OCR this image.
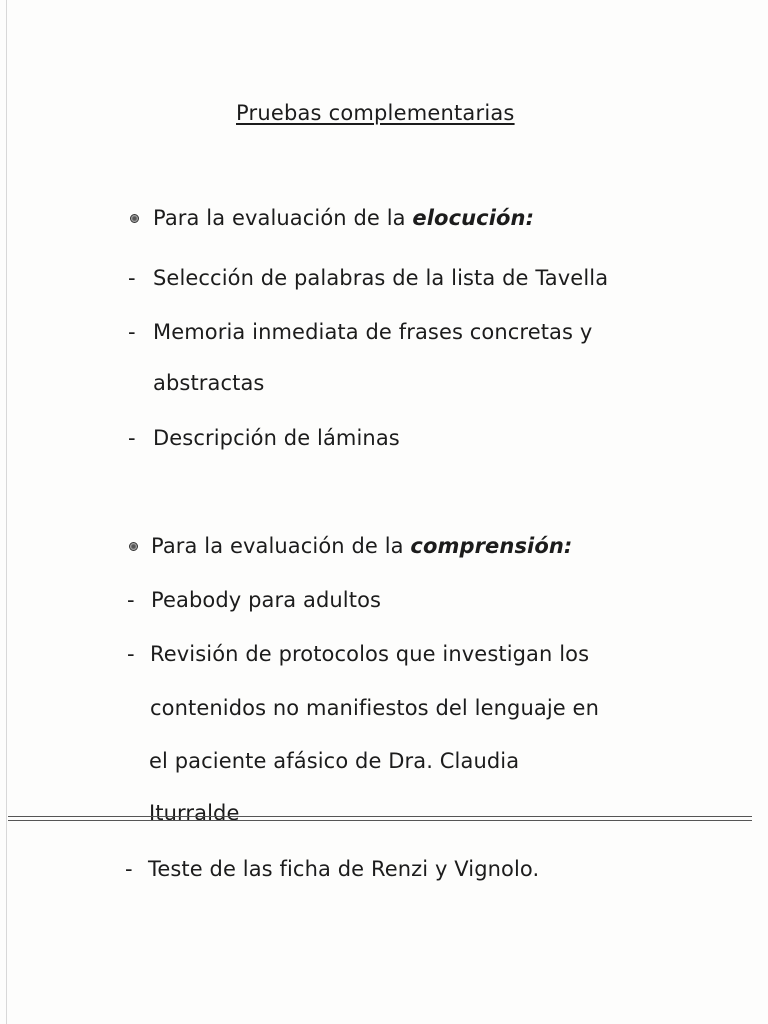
Pruebas complementarias
Para la evaluación de la elocución:
- Selección de palabras de la lista de Tavella
- Memoria inmediata de frases concretas y
abstractas
- Descripción de láminas
Para la evaluación de la comprensión:
- Peabody para adultos
- Revisión de protocolos que investigan los
contenidos no manifiestos del lenguaje en
el paciente afásico de Dra. Claudia
Iturralde
- Teste de las ficha de Renzi y Vignolo.
